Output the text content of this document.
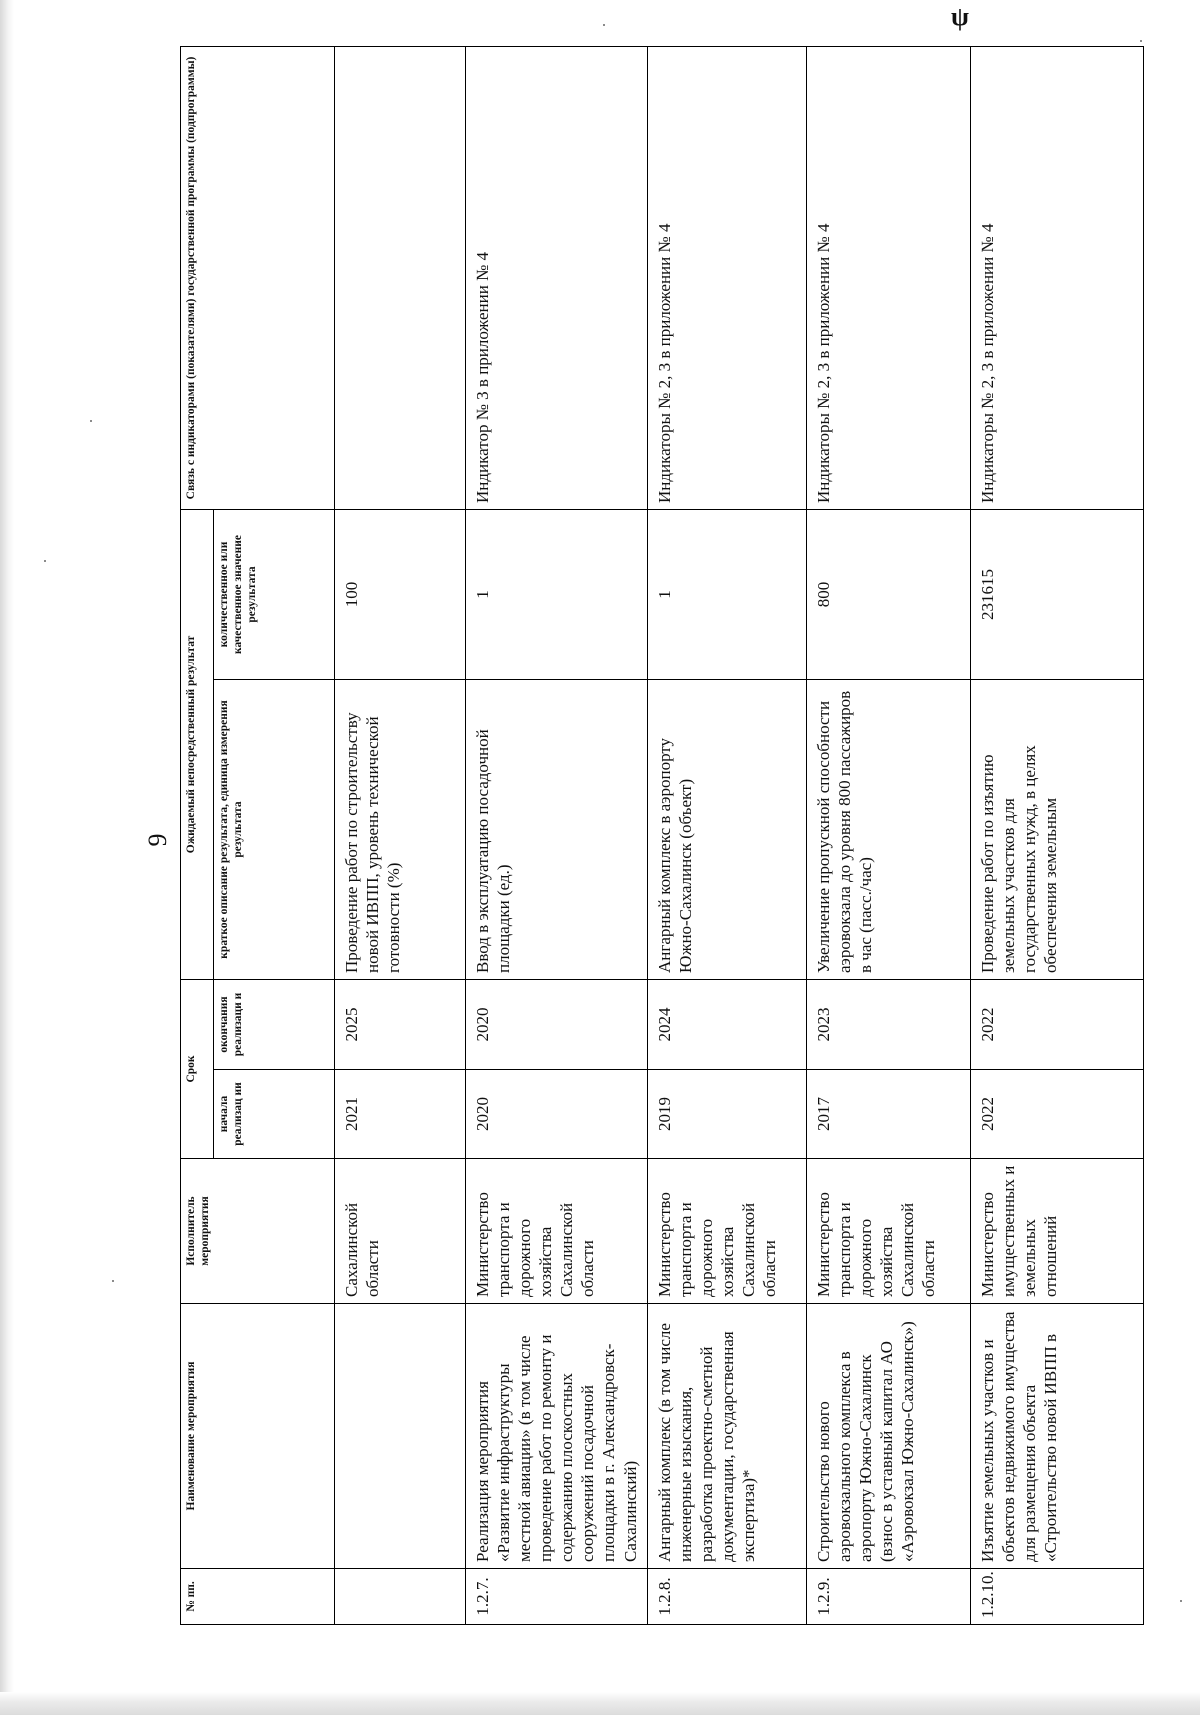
ψ
9
№ пп.	Наименование мероприятия	Исполнитель мероприятия	Срок		Ожидаемый непосредственный результат		Связь с индикаторами (показателями) государственной программы (подпрограммы)
			начала реализац ии	окончания реализаци и	краткое описание результата, единица измерения результата	количественное или качественное значение результата	
		Сахалинской области	2021	2025	Проведение работ по строительству новой ИВПП, уровень технической готовности (%)	100	
1.2.7.	Реализация мероприятия «Развитие инфраструктуры местной авиации» (в том числе проведение работ по ремонту и содержанию плоскостных сооружений посадочной площадки в г. Александровск-Сахалинский)	Министерство транспорта и дорожного хозяйства Сахалинской области	2020	2020	Ввод в эксплуатацию посадочной площадки (ед.)	1	Индикатор № 3 в приложении № 4
1.2.8.	Ангарный комплекс (в том числе инженерные изыскания, разработка проектно-сметной документации, государственная экспертиза)*	Министерство транспорта и дорожного хозяйства Сахалинской области	2019	2024	Ангарный комплекс в аэропорту Южно-Сахалинск (объект)	1	Индикаторы № 2, 3 в приложении № 4
1.2.9.	Строительство нового аэровокзального комплекса в аэропорту Южно-Сахалинск (взнос в уставный капитал АО «Аэровокзал Южно-Сахалинск»)	Министерство транспорта и дорожного хозяйства Сахалинской области	2017	2023	Увеличение пропускной способности аэровокзала до уровня 800 пассажиров в час (пасс./час)	800	Индикаторы № 2, 3 в приложении № 4
1.2.10.	Изъятие земельных участков и объектов недвижимого имущества для размещения объекта «Строительство новой ИВПП в	Министерство имущественных и земельных отношений	2022	2022	Проведение работ по изъятию земельных участков для государственных нужд, в целях обеспечения земельным	231615	Индикаторы № 2, 3 в приложении № 4
